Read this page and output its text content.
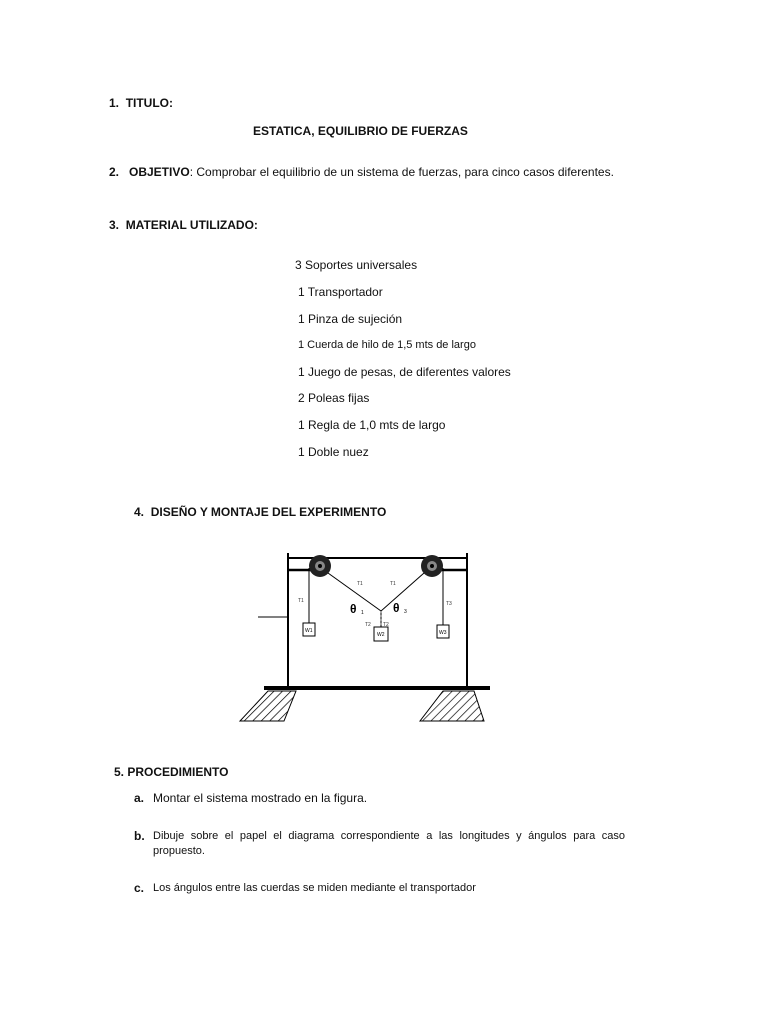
1. TITULO:
ESTATICA, EQUILIBRIO DE FUERZAS
2. OBJETIVO: Comprobar el equilibrio de un sistema de fuerzas, para cinco casos diferentes.
3. MATERIAL UTILIZADO:
3 Soportes universales
1 Transportador
1 Pinza de sujeción
1 Cuerda de hilo de 1,5 mts de largo
1 Juego de pesas, de diferentes valores
2 Poleas fijas
1 Regla de 1,0 mts de largo
1 Doble nuez
4. DISEÑO Y MONTAJE DEL EXPERIMENTO
T1
T1	T1
T3
θ 1 θ 3
T2 T2
W1
W2	W3
5. PROCEDIMIENTO
a. Montar el sistema mostrado en la figura.
b. Dibuje sobre el papel el diagrama correspondiente a las longitudes y ángulos para caso propuesto.
c. Los ángulos entre las cuerdas se miden mediante el transportador
